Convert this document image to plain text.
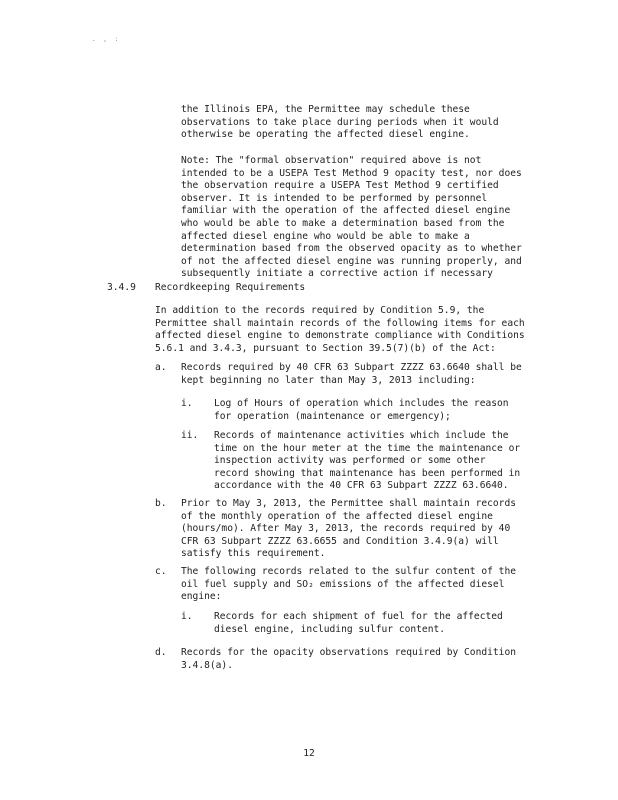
. , :

the Illinois EPA, the Permittee may schedule these
observations to take place during periods when it would
otherwise be operating the affected diesel engine.

Note: The "formal observation" required above is not
intended to be a USEPA Test Method 9 opacity test, nor does
the observation require a USEPA Test Method 9 certified
observer. It is intended to be performed by personnel
familiar with the operation of the affected diesel engine
who would be able to make a determination based from the
affected diesel engine who would be able to make a
determination based from the observed opacity as to whether
of not the affected diesel engine was running properly, and
subsequently initiate a corrective action if necessary

3.4.9 Recordkeeping Requirements

In addition to the records required by Condition 5.9, the
Permittee shall maintain records of the following items for each
affected diesel engine to demonstrate compliance with Conditions
5.6.1 and 3.4.3, pursuant to Section 39.5(7)(b) of the Act:

a. Records required by 40 CFR 63 Subpart ZZZZ 63.6640 shall be
kept beginning no later than May 3, 2013 including:

i. Log of Hours of operation which includes the reason
for operation (maintenance or emergency);

ii. Records of maintenance activities which include the
time on the hour meter at the time the maintenance or
inspection activity was performed or some other
record showing that maintenance has been performed in
accordance with the 40 CFR 63 Subpart ZZZZ 63.6640.

b. Prior to May 3, 2013, the Permittee shall maintain records
of the monthly operation of the affected diesel engine
(hours/mo). After May 3, 2013, the records required by 40
CFR 63 Subpart ZZZZ 63.6655 and Condition 3.4.9(a) will
satisfy this requirement.

c. The following records related to the sulfur content of the
oil fuel supply and SO₂ emissions of the affected diesel
engine:

i. Records for each shipment of fuel for the affected
diesel engine, including sulfur content.

d. Records for the opacity observations required by Condition
3.4.8(a).

12
